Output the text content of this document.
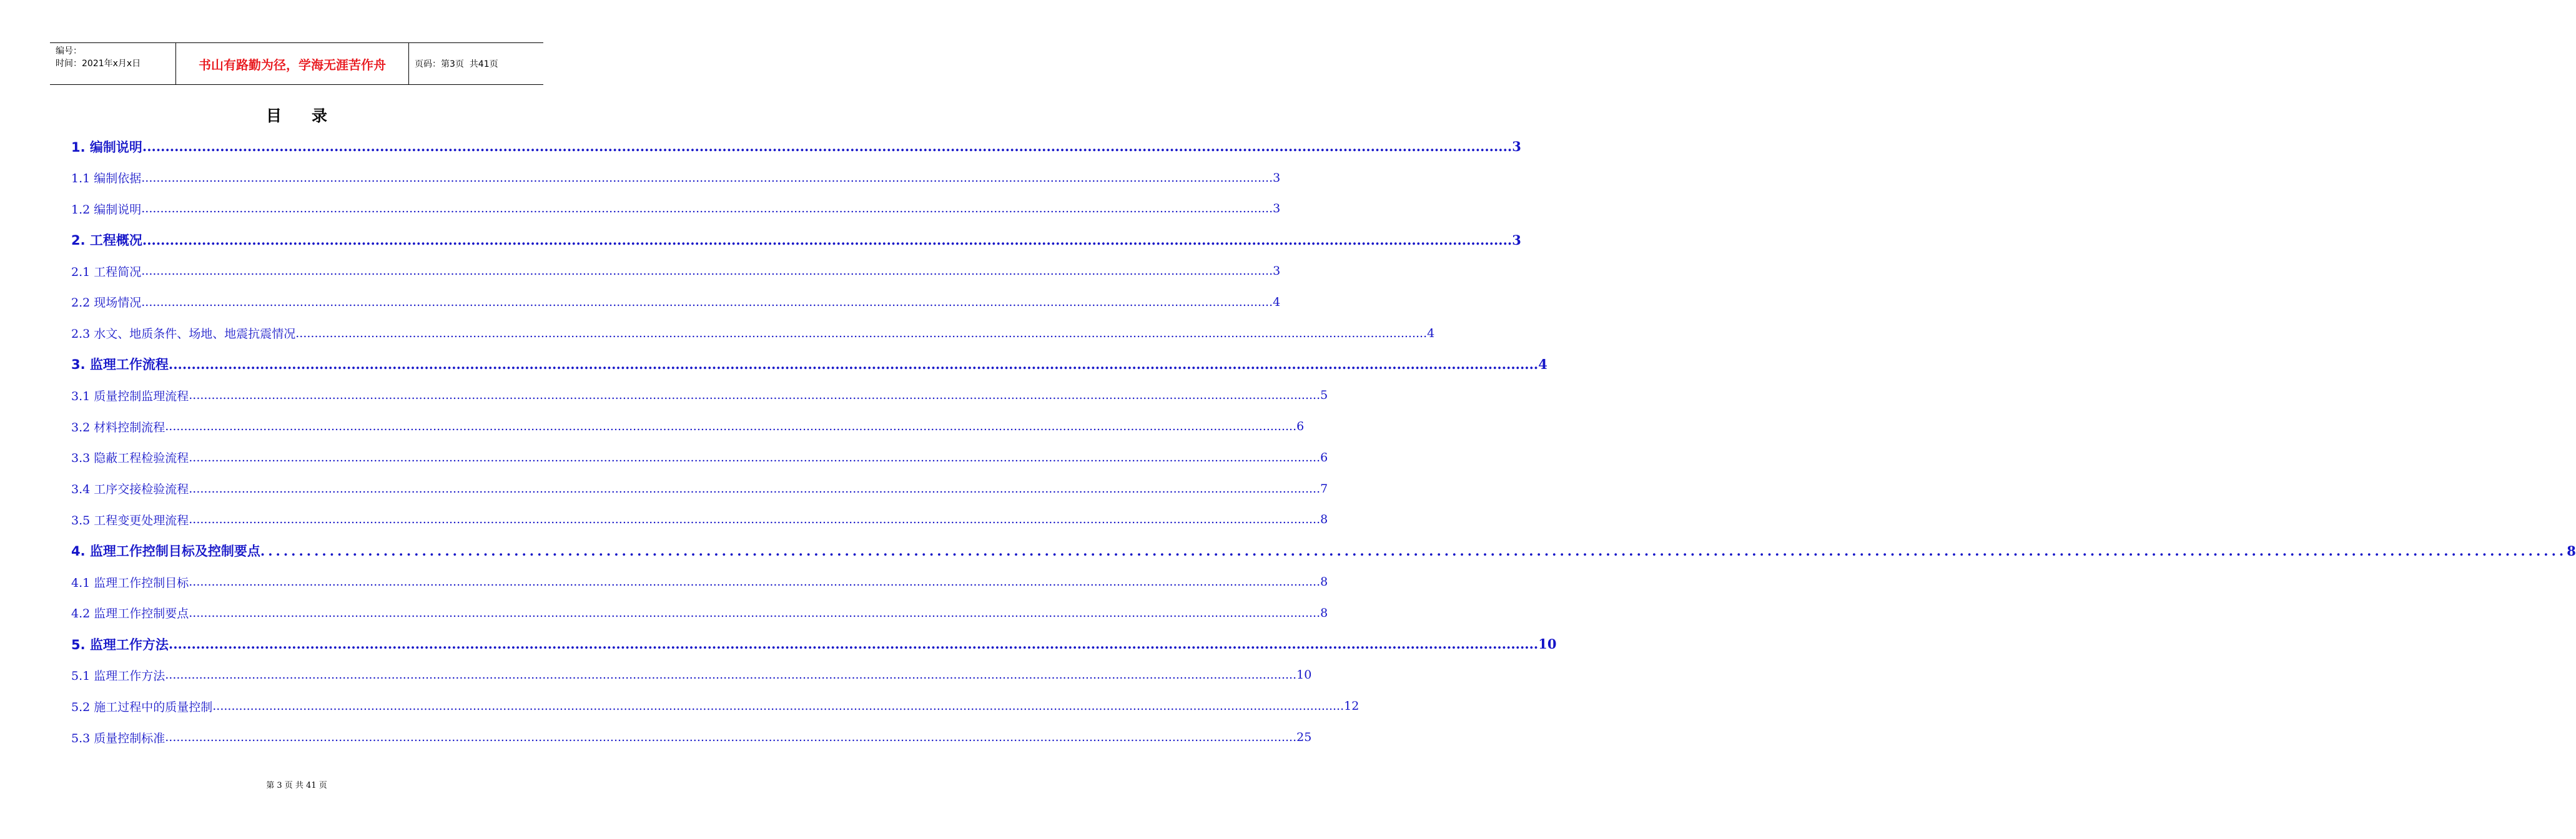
编号：
时间：2021年x月x日	书山有路勤为径，学海无涯苦作舟	页码：第3页  共41页
目录
1. 编制说明 ............................................................................................................................................................................................................................................................................................................ 3
1.1 编制依据 ............................................................................................................................................................................................................................................................................................................ 3
1.2 编制说明 ............................................................................................................................................................................................................................................................................................................ 3
2. 工程概况 ............................................................................................................................................................................................................................................................................................................ 3
2.1 工程简况 ............................................................................................................................................................................................................................................................................................................ 3
2.2 现场情况 ............................................................................................................................................................................................................................................................................................................ 4
2.3 水文、地质条件、场地、地震抗震情况 ............................................................................................................................................................................................................................................................................................................ 4
3. 监理工作流程 ............................................................................................................................................................................................................................................................................................................ 4
3.1 质量控制监理流程 ............................................................................................................................................................................................................................................................................................................ 5
3.2 材料控制流程 ............................................................................................................................................................................................................................................................................................................ 6
3.3 隐蔽工程检验流程 ............................................................................................................................................................................................................................................................................................................ 6
3.4 工序交接检验流程 ............................................................................................................................................................................................................................................................................................................ 7
3.5 工程变更处理流程 ............................................................................................................................................................................................................................................................................................................ 8
4. 监理工作控制目标及控制要点 ............................................................................................................................................................................................................................................................................................................ 8
4.1 监理工作控制目标 ............................................................................................................................................................................................................................................................................................................ 8
4.2 监理工作控制要点 ............................................................................................................................................................................................................................................................................................................ 8
5. 监理工作方法 ............................................................................................................................................................................................................................................................................................................ 10
5.1 监理工作方法 ............................................................................................................................................................................................................................................................................................................ 10
5.2 施工过程中的质量控制 ............................................................................................................................................................................................................................................................................................................ 12
5.3 质量控制标准 ............................................................................................................................................................................................................................................................................................................ 25
第 3 页 共 41 页
